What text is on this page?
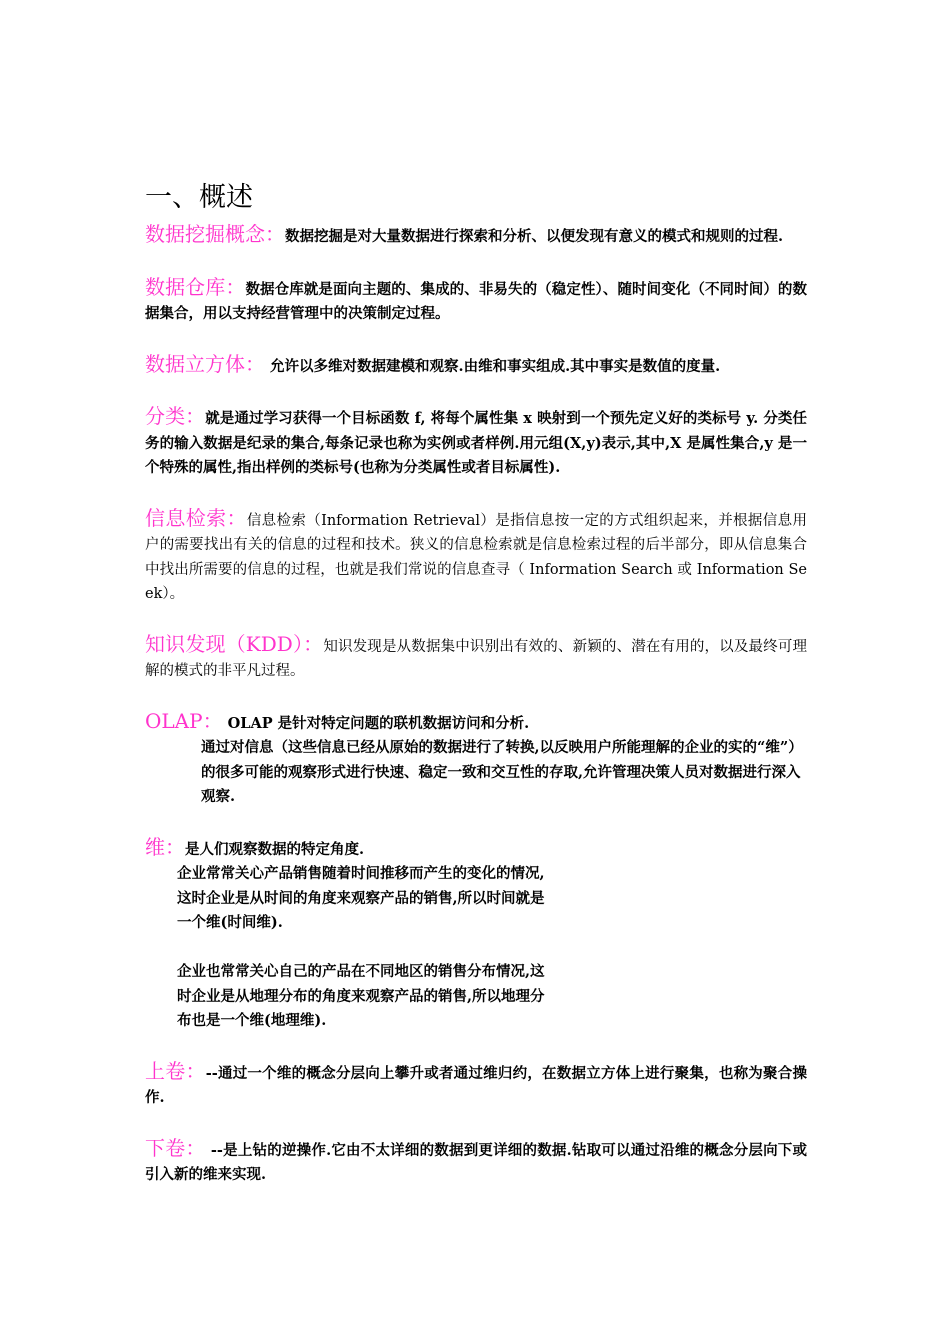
一、概述
数据挖掘概念：数据挖掘是对大量数据进行探索和分析、以便发现有意义的模式和规则的过程.
数据仓库：数据仓库就是面向主题的、集成的、非易失的（稳定性）、随时间变化（不同时间）的数据集合，用以支持经营管理中的决策制定过程。
数据立方体： 允许以多维对数据建模和观察.由维和事实组成.其中事实是数值的度量.
分类：就是通过学习获得一个目标函数 f, 将每个属性集 x 映射到一个预先定义好的类标号 y. 分类任务的输入数据是纪录的集合,每条记录也称为实例或者样例.用元组(X,y)表示,其中,X 是属性集合,y 是一个特殊的属性,指出样例的类标号(也称为分类属性或者目标属性).
信息检索：信息检索（Information Retrieval）是指信息按一定的方式组织起来，并根据信息用户的需要找出有关的信息的过程和技术。狭义的信息检索就是信息检索过程的后半部分，即从信息集合中找出所需要的信息的过程，也就是我们常说的信息查寻（ Information Search 或 Information Seek）。
知识发现（KDD）：知识发现是从数据集中识别出有效的、新颖的、潜在有用的，以及最终可理解的模式的非平凡过程。
OLAP： OLAP 是针对特定问题的联机数据访问和分析.
通过对信息（这些信息已经从原始的数据进行了转换,以反映用户所能理解的企业的实的“维”）的很多可能的观察形式进行快速、稳定一致和交互性的存取,允许管理决策人员对数据进行深入观察.
维：是人们观察数据的特定角度.
企业常常关心产品销售随着时间推移而产生的变化的情况,这时企业是从时间的角度来观察产品的销售,所以时间就是一个维(时间维).
企业也常常关心自己的产品在不同地区的销售分布情况,这时企业是从地理分布的角度来观察产品的销售,所以地理分布也是一个维(地理维).
上卷：--通过一个维的概念分层向上攀升或者通过维归约，在数据立方体上进行聚集，也称为聚合操作.
下卷： --是上钻的逆操作.它由不太详细的数据到更详细的数据.钻取可以通过沿维的概念分层向下或引入新的维来实现.
